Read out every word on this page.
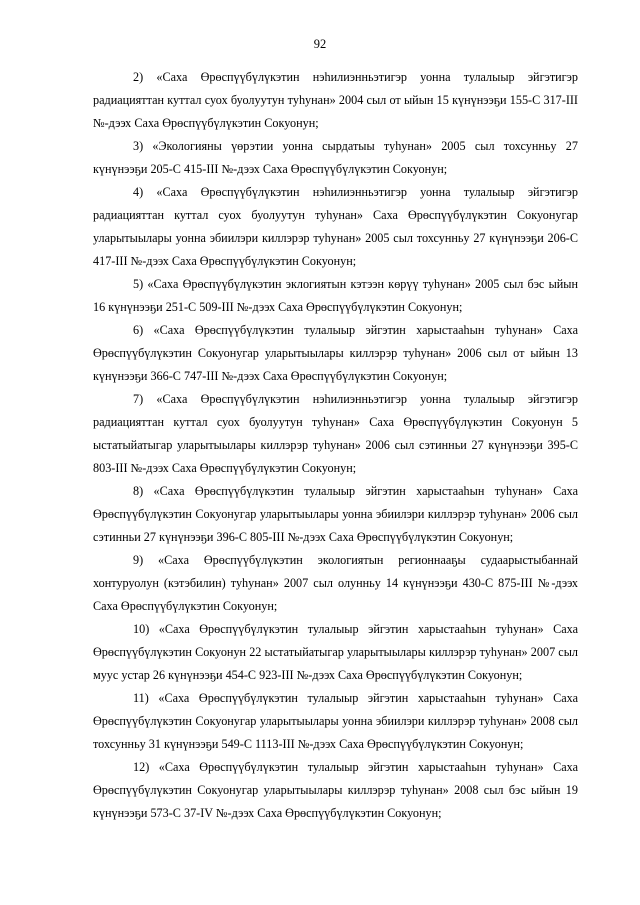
92

2) «Саха Өрөспүүбүлүкэтин нэһилиэнньэтигэр уонна тулалыыр эйгэтигэр радиацияттан куттал суох буолуутун туһунан» 2004 сыл от ыйын 15 күнүнээҕи 155-С 317-III №-дээх Саха Өрөспүүбүлүкэтин Сокуонун;

3) «Экологияны үөрэтии уонна сырдатыы туһунан» 2005 сыл тохсунньу 27 күнүнээҕи 205-С 415-III №-дээх Саха Өрөспүүбүлүкэтин Сокуонун;

4) «Саха Өрөспүүбүлүкэтин нэһилиэнньэтигэр уонна тулалыыр эйгэтигэр радиацияттан куттал суох буолуутун туһунан» Саха Өрөспүүбүлүкэтин Сокуонугар уларытыылары уонна эбиилэри киллэрэр туһунан» 2005 сыл тохсунньу 27 күнүнээҕи 206-С 417-III №-дээх Саха Өрөспүүбүлүкэтин Сокуонун;

5) «Саха Өрөспүүбүлүкэтин эклогиятын кэтээн көрүү туһунан» 2005 сыл бэс ыйын 16 күнүнээҕи 251-С 509-III №-дээх Саха Өрөспүүбүлүкэтин Сокуонун;

6) «Саха Өрөспүүбүлүкэтин тулалыыр эйгэтин харыстааһын туһунан» Саха Өрөспүүбүлүкэтин Сокуонугар уларытыылары киллэрэр туһунан» 2006 сыл от ыйын 13 күнүнээҕи 366-С 747-III №-дээх Саха Өрөспүүбүлүкэтин Сокуонун;

7) «Саха Өрөспүүбүлүкэтин нэһилиэнньэтигэр уонна тулалыыр эйгэтигэр радиацияттан куттал суох буолуутун туһунан» Саха Өрөспүүбүлүкэтин Сокуонун 5 ыстатыйатыгар уларытыылары киллэрэр туһунан» 2006 сыл сэтинньи 27 күнүнээҕи 395-С 803-III №-дээх Саха Өрөспүүбүлүкэтин Сокуонун;

8) «Саха Өрөспүүбүлүкэтин тулалыыр эйгэтин харыстааһын туһунан» Саха Өрөспүүбүлүкэтин Сокуонугар уларытыылары уонна эбиилэри киллэрэр туһунан» 2006 сыл сэтинньи 27 күнүнээҕи 396-С 805-III №-дээх Саха Өрөспүүбүлүкэтин Сокуонун;

9) «Саха Өрөспүүбүлүкэтин экологиятын регионнааҕы судаарыстыбаннай хонтуруолун (кэтэбилин) туһунан» 2007 сыл олунньу 14 күнүнээҕи 430-С 875-III №-дээх Саха Өрөспүүбүлүкэтин Сокуонун;

10) «Саха Өрөспүүбүлүкэтин тулалыыр эйгэтин харыстааһын туһунан» Саха Өрөспүүбүлүкэтин Сокуонун 22 ыстатыйатыгар уларытыылары киллэрэр туһунан» 2007 сыл муус устар 26 күнүнээҕи 454-С 923-III №-дээх Саха Өрөспүүбүлүкэтин Сокуонун;

11) «Саха Өрөспүүбүлүкэтин тулалыыр эйгэтин харыстааһын туһунан» Саха Өрөспүүбүлүкэтин Сокуонугар уларытыылары уонна эбиилэри киллэрэр туһунан» 2008 сыл тохсунньу 31 күнүнээҕи 549-С 1113-III №-дээх Саха Өрөспүүбүлүкэтин Сокуонун;

12) «Саха Өрөспүүбүлүкэтин тулалыыр эйгэтин харыстааһын туһунан» Саха Өрөспүүбүлүкэтин Сокуонугар уларытыылары киллэрэр туһунан» 2008 сыл бэс ыйын 19 күнүнээҕи 573-С 37-IV №-дээх Саха Өрөспүүбүлүкэтин Сокуонун;
